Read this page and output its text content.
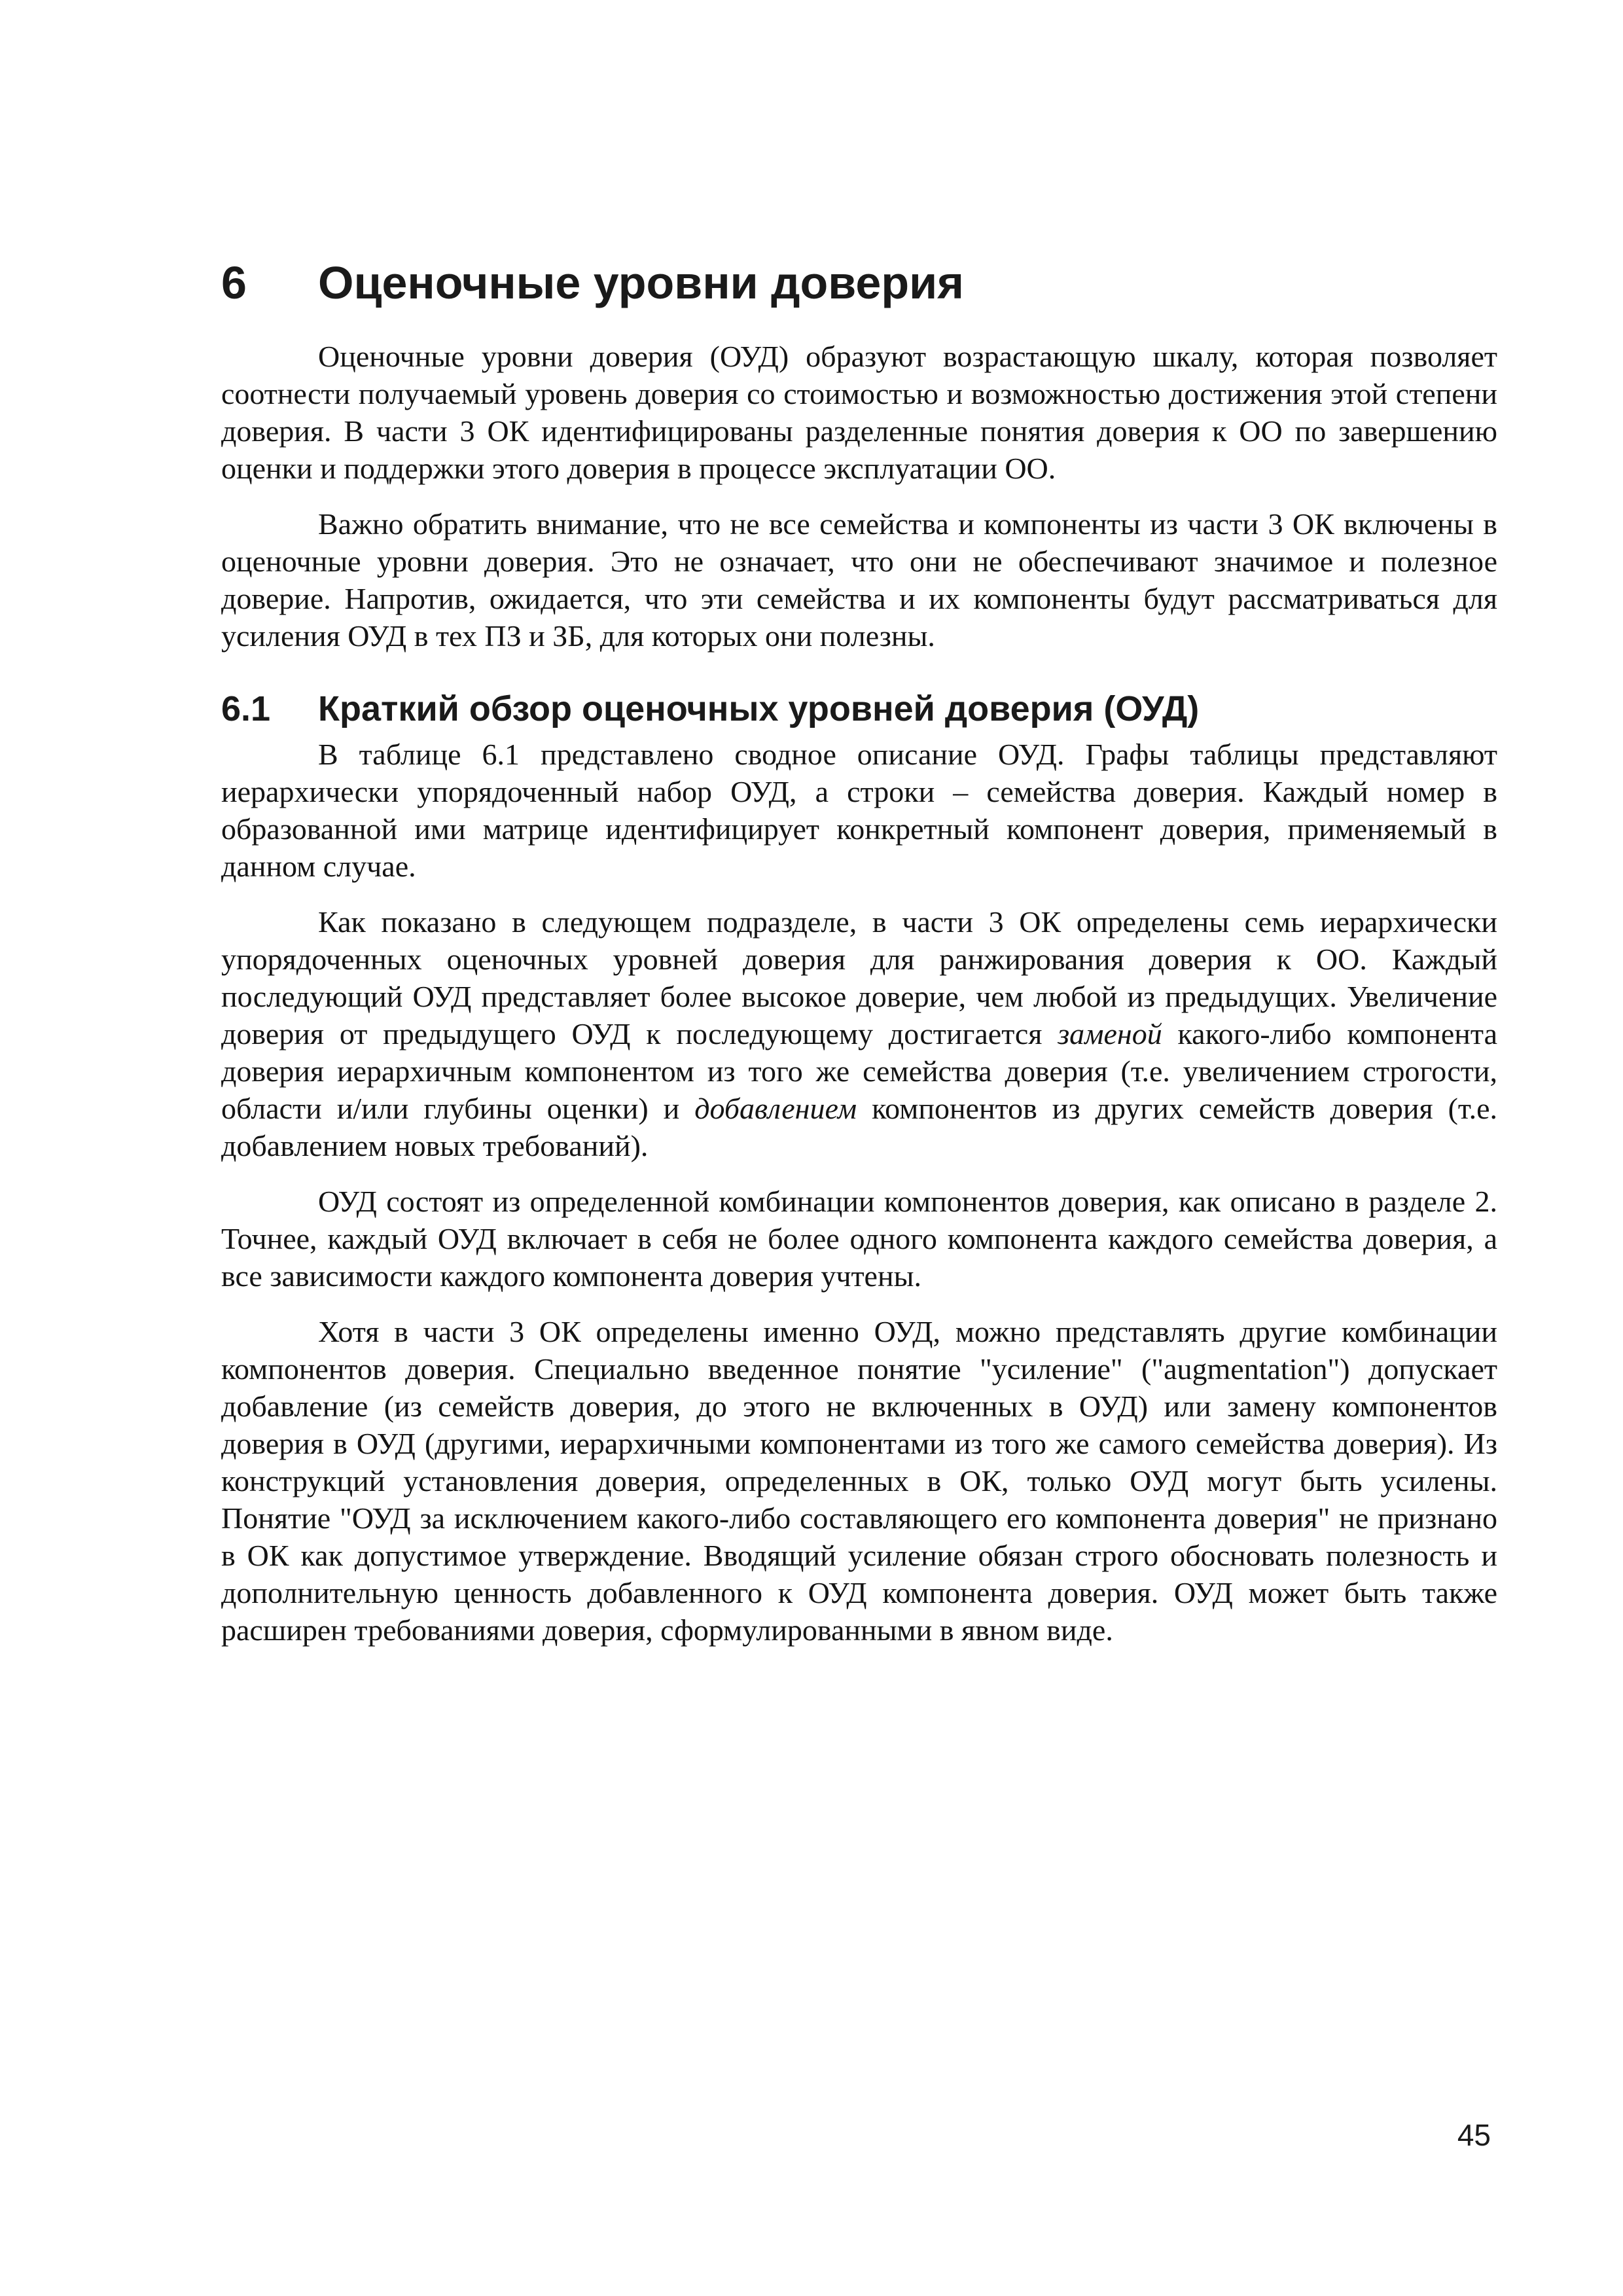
6	Оценочные уровни доверия

Оценочные уровни доверия (ОУД) образуют возрастающую шкалу, которая позволяет соотнести получаемый уровень доверия со стоимостью и возможностью достижения этой степени доверия. В части 3 ОК идентифицированы разделенные понятия доверия к ОО по завершению оценки и поддержки этого доверия в процессе эксплуатации ОО.

Важно обратить внимание, что не все семейства и компоненты из части 3 ОК включены в оценочные уровни доверия. Это не означает, что они не обеспечивают значимое и полезное доверие. Напротив, ожидается, что эти семейства и их компоненты будут рассматриваться для усиления ОУД в тех ПЗ и ЗБ, для которых они полезны.

6.1	Краткий обзор оценочных уровней доверия (ОУД)

В таблице 6.1 представлено сводное описание ОУД. Графы таблицы представляют иерархически упорядоченный набор ОУД, а строки – семейства доверия. Каждый номер в образованной ими матрице идентифицирует конкретный компонент доверия, применяемый в данном случае.

Как показано в следующем подразделе, в части 3 ОК определены семь иерархически упорядоченных оценочных уровней доверия для ранжирования доверия к ОО. Каждый последующий ОУД представляет более высокое доверие, чем любой из предыдущих. Увеличение доверия от предыдущего ОУД к последующему достигается заменой какого-либо компонента доверия иерархичным компонентом из того же семейства доверия (т.е. увеличением строгости, области и/или глубины оценки) и добавлением компонентов из других семейств доверия (т.е. добавлением новых требований).

ОУД состоят из определенной комбинации компонентов доверия, как описано в разделе 2. Точнее, каждый ОУД включает в себя не более одного компонента каждого семейства доверия, а все зависимости каждого компонента доверия учтены.

Хотя в части 3 ОК определены именно ОУД, можно представлять другие комбинации компонентов доверия. Специально введенное понятие "усиление" ("augmentation") допускает добавление (из семейств доверия, до этого не включенных в ОУД) или замену компонентов доверия в ОУД (другими, иерархичными компонентами из того же самого семейства доверия). Из конструкций установления доверия, определенных в ОК, только ОУД могут быть усилены. Понятие "ОУД за исключением какого-либо составляющего его компонента доверия" не признано в ОК как допустимое утверждение. Вводящий усиление обязан строго обосновать полезность и дополнительную ценность добавленного к ОУД компонента доверия. ОУД может быть также расширен требованиями доверия, сформулированными в явном виде.

45
